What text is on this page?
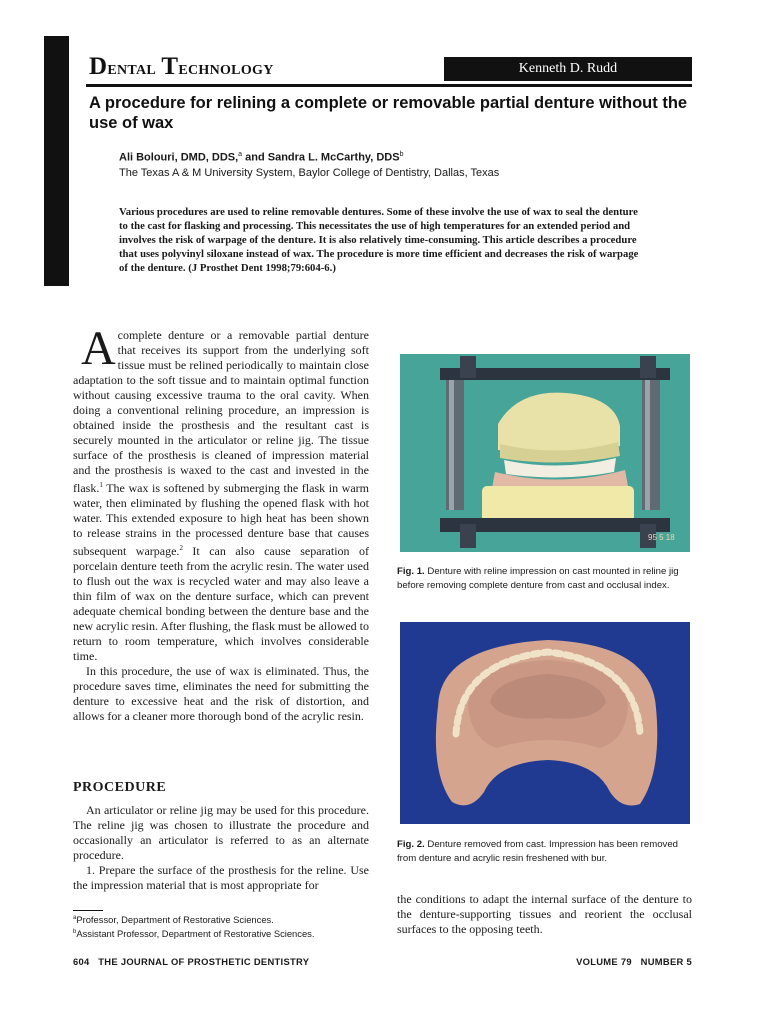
Dental Technology	Kenneth D. Rudd
A procedure for relining a complete or removable partial denture without the use of wax
Ali Bolouri, DMD, DDS,$^a$ and Sandra L. McCarthy, DDS$^b$
The Texas A & M University System, Baylor College of Dentistry, Dallas, Texas

Various procedures are used to reline removable dentures. Some of these involve the use of wax to seal the denture to the cast for flasking and processing. This necessitates the use of high temperatures for an extended period and involves the risk of warpage of the denture. It is also relatively time-consuming. This article describes a procedure that uses polyvinyl siloxane instead of wax. The procedure is more time efficient and decreases the risk of warpage of the denture. (J Prosthet Dent 1998;79:604-6.)

Acomplete denture or a removable partial denture that receives its support from the underlying soft tissue must be relined periodically to maintain close adaptation to the soft tissue and to maintain optimal function without causing excessive trauma to the oral cavity. When doing a conventional relining procedure, an impression is obtained inside the prosthesis and the resultant cast is securely mounted in the articulator or reline jig. The tissue surface of the prosthesis is cleaned of impression material and the prosthesis is waxed to the cast and invested in the flask.$^1$ The wax is softened by submerging the flask in warm water, then eliminated by flushing the opened flask with hot water. This extended exposure to high heat has been shown to release strains in the processed denture base that causes subsequent warpage.$^2$ It can also cause separation of porcelain denture teeth from the acrylic resin. The water used to flush out the wax is recycled water and may also leave a thin film of wax on the denture surface, which can prevent adequate chemical bonding between the denture base and the new acrylic resin. After flushing, the flask must be allowed to return to room temperature, which involves considerable time.

In this procedure, the use of wax is eliminated. Thus, the procedure saves time, eliminates the need for submitting the denture to excessive heat and the risk of distortion, and allows for a cleaner more thorough bond of the acrylic resin.

PROCEDURE

An articulator or reline jig may be used for this procedure. The reline jig was chosen to illustrate the procedure and occasionally an articulator is referred to as an alternate procedure.

1. Prepare the surface of the prosthesis for the reline. Use the impression material that is most appropriate for

95 5 18

Fig. 1. Denture with reline impression on cast mounted in reline jig before removing complete denture from cast and occlusal index.

Fig. 2. Denture removed from cast. Impression has been removed from denture and acrylic resin freshened with bur.

the conditions to adapt the internal surface of the denture to the denture-supporting tissues and reorient the occlusal surfaces to the opposing teeth.

$^a$Professor, Department of Restorative Sciences.
$^b$Assistant Professor, Department of Restorative Sciences.
604 THE JOURNAL OF PROSTHETIC DENTISTRY	VOLUME 79 NUMBER 5
